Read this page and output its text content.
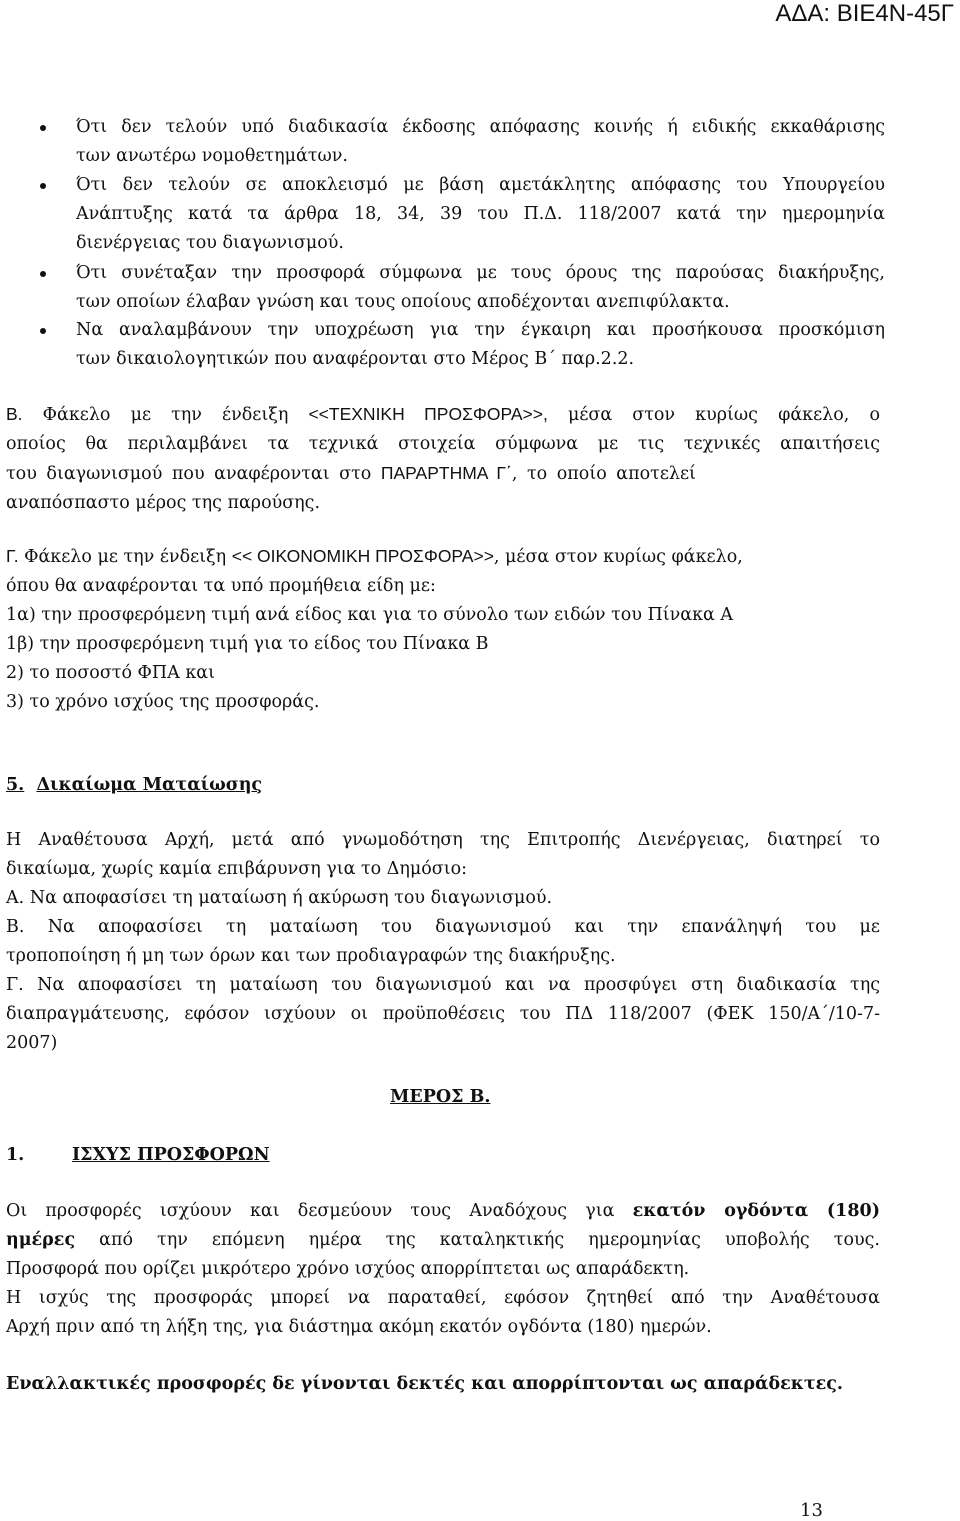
ΑΔΑ: ΒΙΕ4Ν-45Γ
Ότι δεν τελούν υπό διαδικασία έκδοσης απόφασης κοινής ή ειδικής εκκαθάρισης
των ανωτέρω νομοθετημάτων.
Ότι δεν τελούν σε αποκλεισμό με βάση αμετάκλητης απόφασης του Υπουργείου
Ανάπτυξης κατά τα άρθρα 18, 34, 39 του Π.Δ. 118/2007 κατά την ημερομηνία
διενέργειας του διαγωνισμού.
Ότι συνέταξαν την προσφορά σύμφωνα με τους όρους της παρούσας διακήρυξης,
των οποίων έλαβαν γνώση και τους οποίους αποδέχονται ανεπιφύλακτα.
Να αναλαμβάνουν την υποχρέωση για την έγκαιρη και προσήκουσα προσκόμιση
των δικαιολογητικών που αναφέρονται στο Μέρος Β΄ παρ.2.2.
Β. Φάκελο με την ένδειξη <<ΤΕΧΝΙΚΗ ΠΡΟΣΦΟΡΑ>>, μέσα στον κυρίως φάκελο, ο
οποίος θα περιλαμβάνει τα τεχνικά στοιχεία σύμφωνα με τις τεχνικές απαιτήσεις
του διαγωνισμού που αναφέρονται στο ΠΑΡΑΡΤΗΜΑ Γ΄, το οποίο αποτελεί
αναπόσπαστο μέρος της παρούσης.
Γ. Φάκελο με την ένδειξη << ΟΙΚΟΝΟΜΙΚΗ ΠΡΟΣΦΟΡΑ>>, μέσα στον κυρίως φάκελο,
όπου θα αναφέρονται τα υπό προμήθεια είδη με:
1α) την προσφερόμενη τιμή ανά είδος και για το σύνολο των ειδών του Πίνακα Α
1β) την προσφερόμενη τιμή για το είδος του Πίνακα Β
2) το ποσοστό ΦΠΑ και
3) το χρόνο ισχύος της προσφοράς.
5. Δικαίωμα Ματαίωσης
Η Αναθέτουσα Αρχή, μετά από γνωμοδότηση της Επιτροπής Διενέργειας, διατηρεί το
δικαίωμα, χωρίς καμία επιβάρυνση για το Δημόσιο:
Α. Να αποφασίσει τη ματαίωση ή ακύρωση του διαγωνισμού.
Β. Να αποφασίσει τη ματαίωση του διαγωνισμού και την επανάληψή του με
τροποποίηση ή μη των όρων και των προδιαγραφών της διακήρυξης.
Γ. Να αποφασίσει τη ματαίωση του διαγωνισμού και να προσφύγει στη διαδικασία της
διαπραγμάτευσης, εφόσον ισχύουν οι προϋποθέσεις του ΠΔ 118/2007 (ΦΕΚ 150/Α΄/10-7-
2007)
ΜΕΡΟΣ Β.
1.	ΙΣΧΥΣ ΠΡΟΣΦΟΡΩΝ
Οι προσφορές ισχύουν και δεσμεύουν τους Αναδόχους για εκατόν ογδόντα (180)
ημέρες από την επόμενη ημέρα της καταληκτικής ημερομηνίας υποβολής τους.
Προσφορά που ορίζει μικρότερο χρόνο ισχύος απορρίπτεται ως απαράδεκτη.
Η ισχύς της προσφοράς μπορεί να παραταθεί, εφόσον ζητηθεί από την Αναθέτουσα
Αρχή πριν από τη λήξη της, για διάστημα ακόμη εκατόν ογδόντα (180) ημερών.
Εναλλακτικές προσφορές δε γίνονται δεκτές και απορρίπτονται ως απαράδεκτες.
13
